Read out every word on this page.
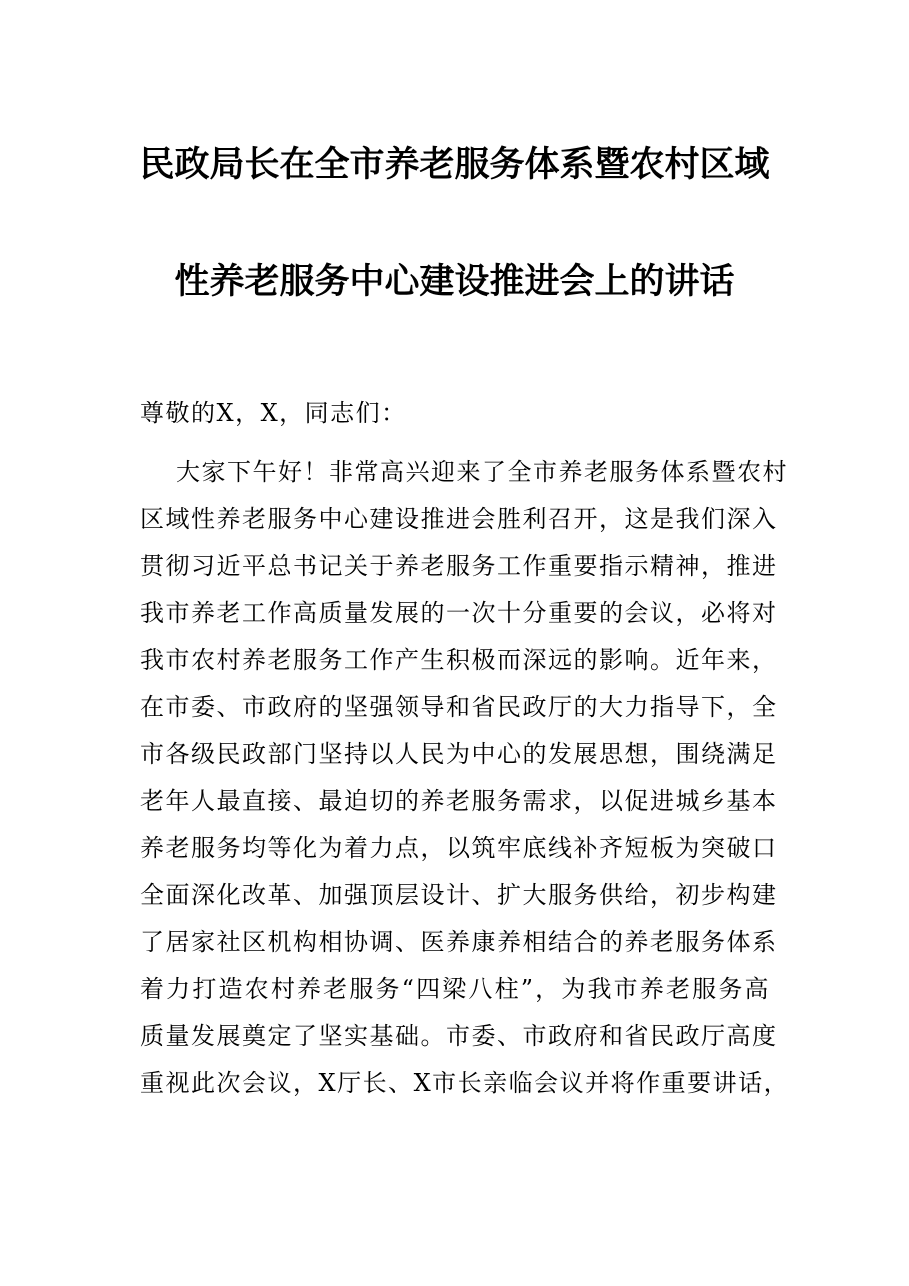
民政局长在全市养老服务体系暨农村区域
性养老服务中心建设推进会上的讲话
尊敬的X，X，同志们：
大家下午好！非常高兴迎来了全市养老服务体系暨农村
区域性养老服务中心建设推进会胜利召开，这是我们深入
贯彻习近平总书记关于养老服务工作重要指示精神，推进
我市养老工作高质量发展的一次十分重要的会议，必将对
我市农村养老服务工作产生积极而深远的影响。近年来，
在市委、市政府的坚强领导和省民政厅的大力指导下，全
市各级民政部门坚持以人民为中心的发展思想，围绕满足
老年人最直接、最迫切的养老服务需求，以促进城乡基本
养老服务均等化为着力点，以筑牢底线补齐短板为突破口
全面深化改革、加强顶层设计、扩大服务供给，初步构建
了居家社区机构相协调、医养康养相结合的养老服务体系
着力打造农村养老服务“四梁八柱”，为我市养老服务高
质量发展奠定了坚实基础。市委、市政府和省民政厅高度
重视此次会议，X厅长、X市长亲临会议并将作重要讲话，
